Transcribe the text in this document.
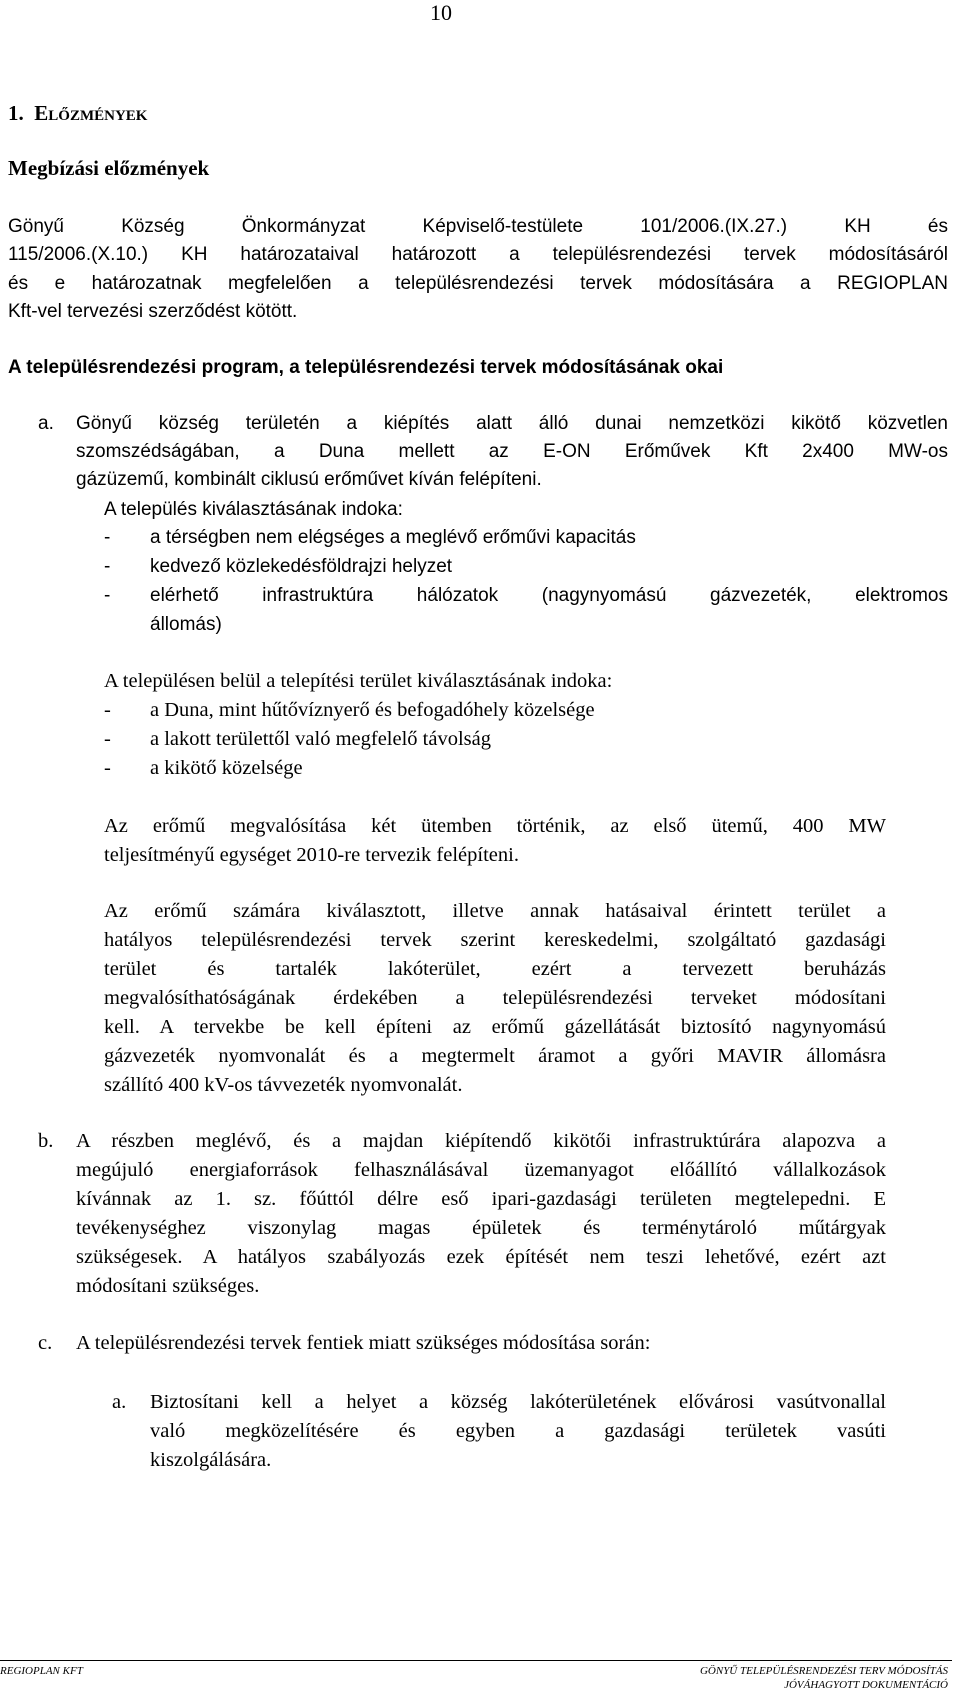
10
1. ELŐZMÉNYEK
Megbízási előzmények
Gönyű Község Önkormányzat Képviselő-testülete 101/2006.(IX.27.) KH és
115/2006.(X.10.) KH határozataival határozott a településrendezési tervek módosításáról
és e határozatnak megfelelően a településrendezési tervek módosítására a REGIOPLAN
Kft-vel tervezési szerződést kötött.
A településrendezési program, a településrendezési tervek módosításának okai
a. Gönyű község területén a kiépítés alatt álló dunai nemzetközi kikötő közvetlen
szomszédságában, a Duna mellett az E-ON Erőművek Kft 2x400 MW-os
gázüzemű, kombinált ciklusú erőművet kíván felépíteni.
A település kiválasztásának indoka:
- a térségben nem elégséges a meglévő erőművi kapacitás
- kedvező közlekedésföldrajzi helyzet
- elérhető infrastruktúra hálózatok (nagynyomású gázvezeték, elektromos
állomás)
A településen belül a telepítési terület kiválasztásának indoka:
- a Duna, mint hűtővíznyerő és befogadóhely közelsége
- a lakott területtől való megfelelő távolság
- a kikötő közelsége
Az erőmű megvalósítása két ütemben történik, az első ütemű, 400 MW
teljesítményű egységet 2010-re tervezik felépíteni.
Az erőmű számára kiválasztott, illetve annak hatásaival érintett terület a
hatályos településrendezési tervek szerint kereskedelmi, szolgáltató gazdasági
terület és tartalék lakóterület, ezért a tervezett beruházás
megvalósíthatóságának érdekében a településrendezési terveket módosítani
kell. A tervekbe be kell építeni az erőmű gázellátását biztosító nagynyomású
gázvezeték nyomvonalát és a megtermelt áramot a győri MAVIR állomásra
szállító 400 kV-os távvezeték nyomvonalát.
b. A részben meglévő, és a majdan kiépítendő kikötői infrastruktúrára alapozva a
megújuló energiaforrások felhasználásával üzemanyagot előállító vállalkozások
kívánnak az 1. sz. főúttól délre eső ipari-gazdasági területen megtelepedni. E
tevékenységhez viszonylag magas épületek és terménytároló műtárgyak
szükségesek. A hatályos szabályozás ezek építését nem teszi lehetővé, ezért azt
módosítani szükséges.
c. A településrendezési tervek fentiek miatt szükséges módosítása során:
a. Biztosítani kell a helyet a község lakóterületének elővárosi vasútvonallal
való megközelítésére és egyben a gazdasági területek vasúti
kiszolgálására.
REGIOPLAN KFT	GÖNYŰ TELEPÜLÉSRENDEZÉSI TERV MÓDOSÍTÁS
JÓVÁHAGYOTT DOKUMENTÁCIÓ
